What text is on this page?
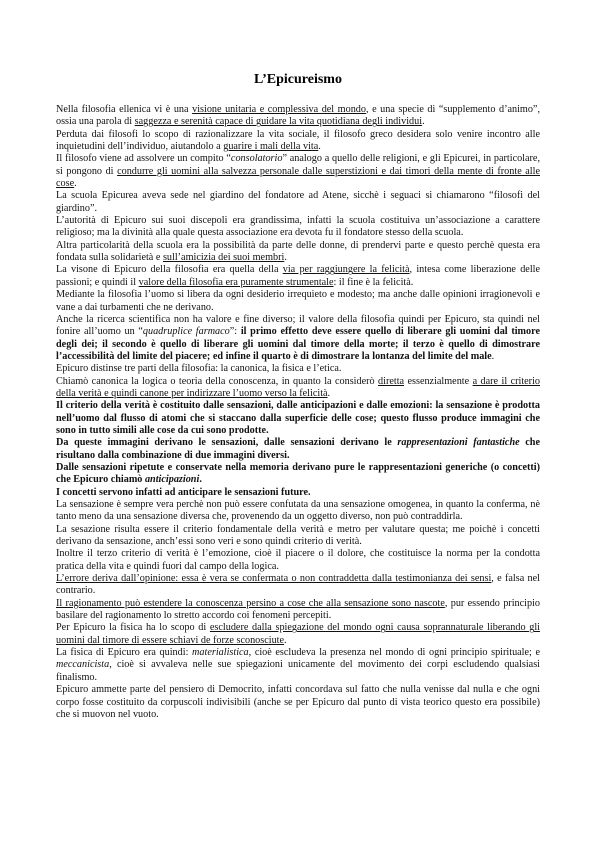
L’Epicureismo

Nella filosofia ellenica vi è una visione unitaria e complessiva del mondo, e una specie di “supplemento d’animo”, ossia una parola di saggezza e serenità capace di guidare la vita quotidiana degli individui.

Perduta dai filosofi lo scopo di razionalizzare la vita sociale, il filosofo greco desidera solo venire incontro alle inquietudini dell’individuo, aiutandolo a guarire i mali della vita.

Il filosofo viene ad assolvere un compito “consolatorio” analogo a quello delle religioni, e gli Epicurei, in particolare, si pongono di condurre gli uomini alla salvezza personale dalle superstizioni e dai timori della mente di fronte alle cose.

La scuola Epicurea aveva sede nel giardino del fondatore ad Atene, sicchè i seguaci si chiamarono “filosofi del giardino”.

L’autorità di Epicuro sui suoi discepoli era grandissima, infatti la scuola costituiva un’associazione a carattere religioso; ma la divinità alla quale questa associazione era devota fu il fondatore stesso della scuola.

Altra particolarità della scuola era la possibilità da parte delle donne, di prendervi parte e questo perchè questa era fondata sulla solidarietà e sull’amicizia dei suoi membri.

La visone di Epicuro della filosofia era quella della via per raggiungere la felicità, intesa come liberazione delle passioni; e quindi il valore della filosofia era puramente strumentale: il fine è la felicità.

Mediante la filosofia l’uomo si libera da ogni desiderio irrequieto e modesto; ma anche dalle opinioni irragionevoli e vane a dai turbamenti che ne derivano.

Anche la ricerca scientifica non ha valore e fine diverso; il valore della filosofia quindi per Epicuro, sta quindi nel fonire all’uomo un “quadruplice farmaco”: il primo effetto deve essere quello di liberare gli uomini dal timore degli dei; il secondo è quello di liberare gli uomini dal timore della morte; il terzo è quello di dimostrare l’accessibilità del limite del piacere; ed infine il quarto è di dimostrare la lontanza del limite del male.

Epicuro distinse tre parti della filosofia: la canonica, la fisica e l’etica.

Chiamò canonica la logica o teoria della conoscenza, in quanto la considerò diretta essenzialmente a dare il criterio della verità e quindi canone per indirizzare l’uomo verso la felicità.

Il criterio della verità è costituito dalle sensazioni, dalle anticipazioni e dalle emozioni: la sensazione è prodotta nell’uomo dal flusso di atomi che si staccano dalla superficie delle cose; questo flusso produce immagini che sono in tutto simili alle cose da cui sono prodotte.

Da queste immagini derivano le sensazioni, dalle sensazioni derivano le rappresentazioni fantastiche che risultano dalla combinazione di due immagini diversi.

Dalle sensazioni ripetute e conservate nella memoria derivano pure le rappresentazioni generiche (o concetti) che Epicuro chiamò anticipazioni.

I concetti servono infatti ad anticipare le sensazioni future.

La sensazione è sempre vera perchè non può essere confutata da una sensazione omogenea, in quanto la conferma, nè tanto meno da una sensazione diversa che, provenendo da un oggetto diverso, non può contraddirla.

La sesazione risulta essere il criterio fondamentale della verità e metro per valutare questa; me poichè i concetti derivano da sensazione, anch’essi sono veri e sono quindi criterio di verità.

Inoltre il terzo criterio di verità è l’emozione, cioè il piacere o il dolore, che costituisce la norma per la condotta pratica della vita e quindi fuori dal campo della logica.

L’errore deriva dall’opinione: essa è vera se confermata o non contraddetta dalla testimonianza dei sensi, e falsa nel contrario.

Il ragionamento può estendere la conoscenza persino a cose che alla sensazione sono nascote, pur essendo principio basilare del ragionamento lo stretto accordo coi fenomeni percepiti.

Per Epicuro la fisica ha lo scopo di escludere dalla spiegazione del mondo ogni causa soprannaturale liberando gli uomini dal timore di essere schiavi de forze sconosciute.

La fisica di Epicuro era quindi: materialistica, cioè escludeva la presenza nel mondo di ogni principio spirituale; e meccanicista, cioè si avvaleva nelle sue spiegazioni unicamente del movimento dei corpi escludendo qualsiasi finalismo.

Epicuro ammette parte del pensiero di Democrito, infatti concordava sul fatto che nulla venisse dal nulla e che ogni corpo fosse costituito da corpuscoli indivisibili (anche se per Epicuro dal punto di vista teorico questo era possibile) che si muovon nel vuoto.
